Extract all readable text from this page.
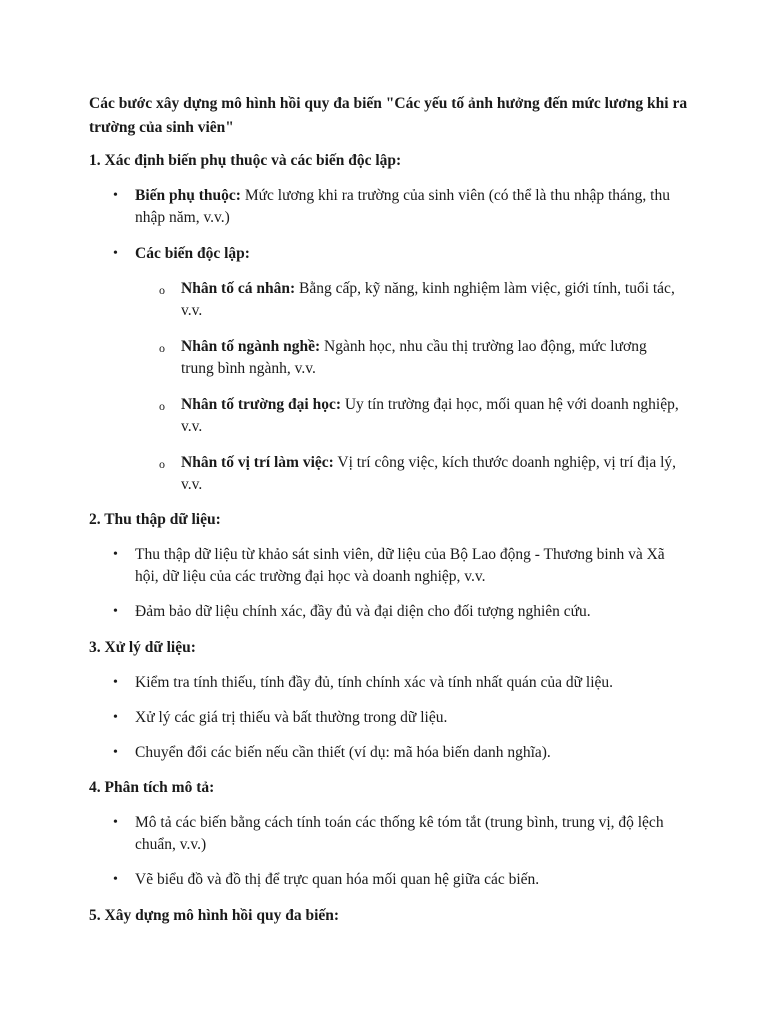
Các bước xây dựng mô hình hồi quy đa biến "Các yếu tố ảnh hưởng đến mức lương khi ra trường của sinh viên"
1. Xác định biến phụ thuộc và các biến độc lập:
• Biến phụ thuộc: Mức lương khi ra trường của sinh viên (có thể là thu nhập tháng, thu nhập năm, v.v.)
• Các biến độc lập:
o Nhân tố cá nhân: Bằng cấp, kỹ năng, kinh nghiệm làm việc, giới tính, tuổi tác, v.v.
o Nhân tố ngành nghề: Ngành học, nhu cầu thị trường lao động, mức lương trung bình ngành, v.v.
o Nhân tố trường đại học: Uy tín trường đại học, mối quan hệ với doanh nghiệp, v.v.
o Nhân tố vị trí làm việc: Vị trí công việc, kích thước doanh nghiệp, vị trí địa lý, v.v.
2. Thu thập dữ liệu:
• Thu thập dữ liệu từ khảo sát sinh viên, dữ liệu của Bộ Lao động - Thương binh và Xã hội, dữ liệu của các trường đại học và doanh nghiệp, v.v.
• Đảm bảo dữ liệu chính xác, đầy đủ và đại diện cho đối tượng nghiên cứu.
3. Xử lý dữ liệu:
• Kiểm tra tính thiếu, tính đầy đủ, tính chính xác và tính nhất quán của dữ liệu.
• Xử lý các giá trị thiếu và bất thường trong dữ liệu.
• Chuyển đổi các biến nếu cần thiết (ví dụ: mã hóa biến danh nghĩa).
4. Phân tích mô tả:
• Mô tả các biến bằng cách tính toán các thống kê tóm tắt (trung bình, trung vị, độ lệch chuẩn, v.v.)
• Vẽ biểu đồ và đồ thị để trực quan hóa mối quan hệ giữa các biến.
5. Xây dựng mô hình hồi quy đa biến:
